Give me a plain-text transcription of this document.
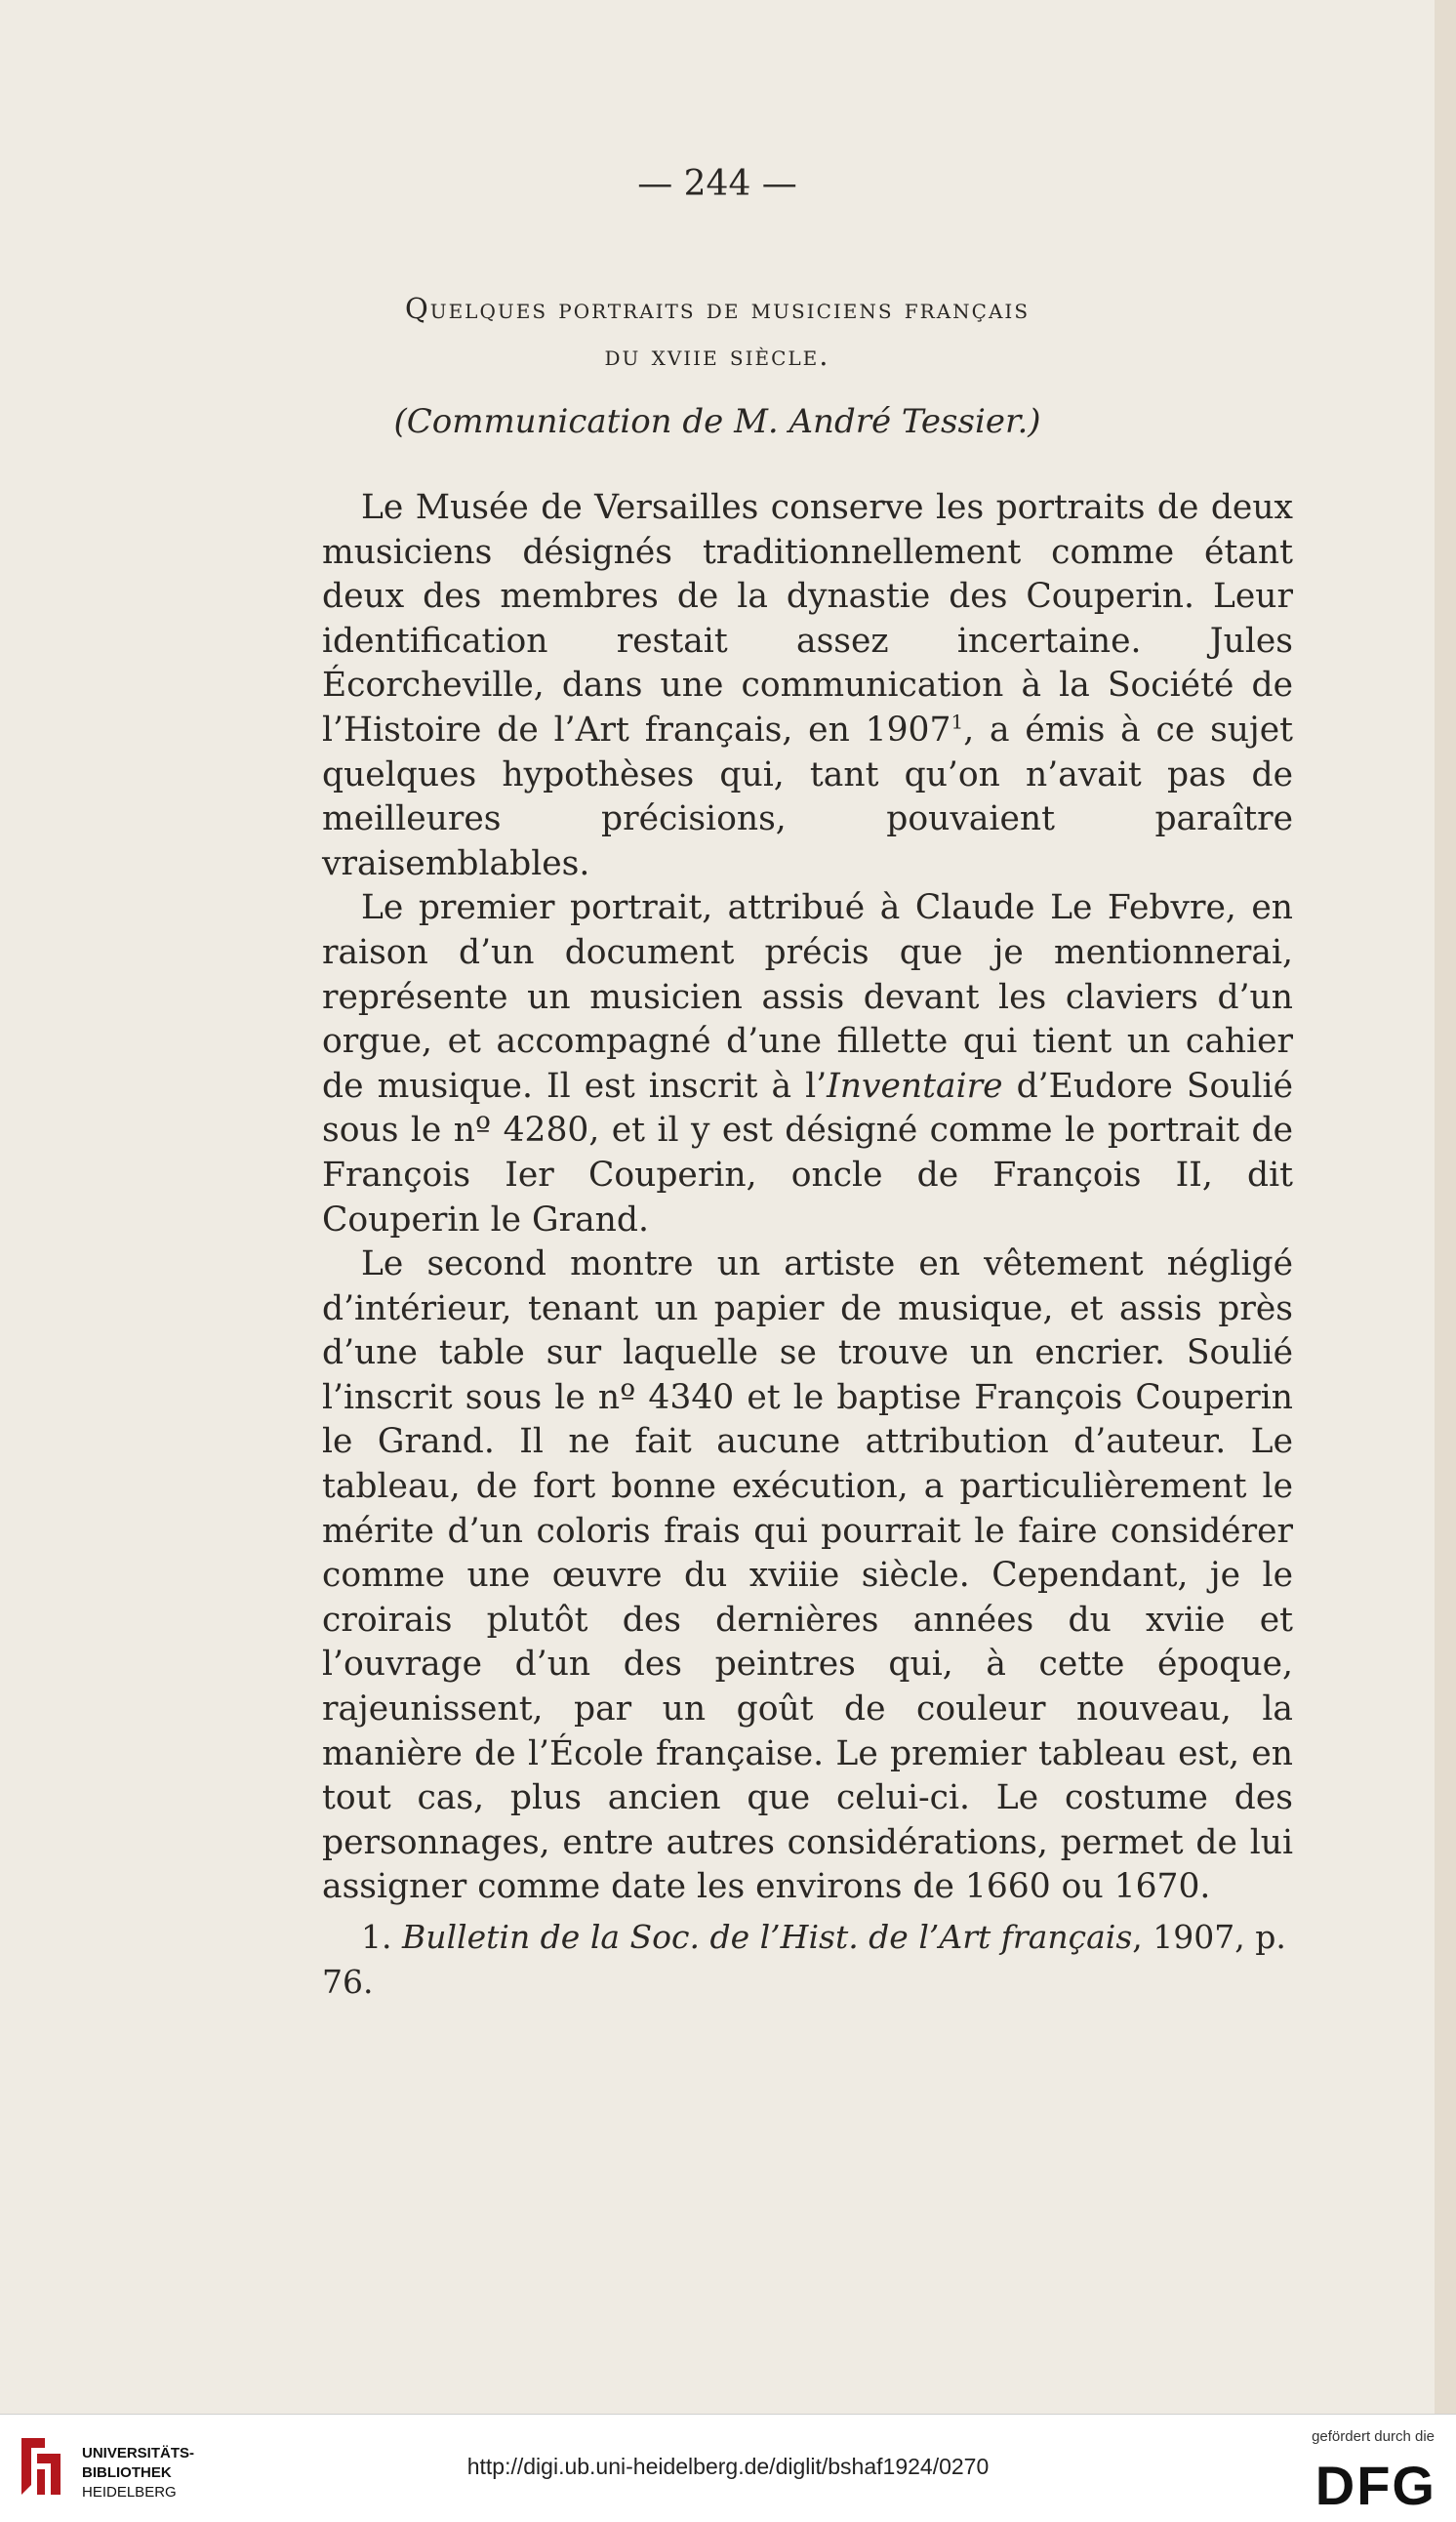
— 244 —
Quelques portraits de musiciens français
du xviie siècle.
(Communication de M. André Tessier.)

Le Musée de Versailles conserve les portraits de deux musiciens désignés traditionnellement comme étant deux des membres de la dynastie des Couperin. Leur identification restait assez incertaine. Jules Écorcheville, dans une communication à la Société de l’Histoire de l’Art français, en 1907$^1$, a émis à ce sujet quelques hypothèses qui, tant qu’on n’avait pas de meilleures précisions, pouvaient paraître vraisemblables.

Le premier portrait, attribué à Claude Le Febvre, en raison d’un document précis que je mentionnerai, représente un musicien assis devant les claviers d’un orgue, et accompagné d’une fillette qui tient un cahier de musique. Il est inscrit à l’Inventaire d’Eudore Soulié sous le nº 4280, et il y est désigné comme le portrait de François Ier Couperin, oncle de François II, dit Couperin le Grand.

Le second montre un artiste en vêtement négligé d’intérieur, tenant un papier de musique, et assis près d’une table sur laquelle se trouve un encrier. Soulié l’inscrit sous le nº 4340 et le baptise François Couperin le Grand. Il ne fait aucune attribution d’auteur. Le tableau, de fort bonne exécution, a particulièrement le mérite d’un coloris frais qui pourrait le faire considérer comme une œuvre du xviiie siècle. Cependant, je le croirais plutôt des dernières années du xviie et l’ouvrage d’un des peintres qui, à cette époque, rajeunissent, par un goût de couleur nouveau, la manière de l’École française. Le premier tableau est, en tout cas, plus ancien que celui-ci. Le costume des personnages, entre autres considérations, permet de lui assigner comme date les environs de 1660 ou 1670.

1. Bulletin de la Soc. de l’Hist. de l’Art français, 1907, p. 76.

UNIVERSITÄTS-
BIBLIOTHEK
HEIDELBERG
http://digi.ub.uni-heidelberg.de/diglit/bshaf1924/0270
gefördert durch die
DFG
